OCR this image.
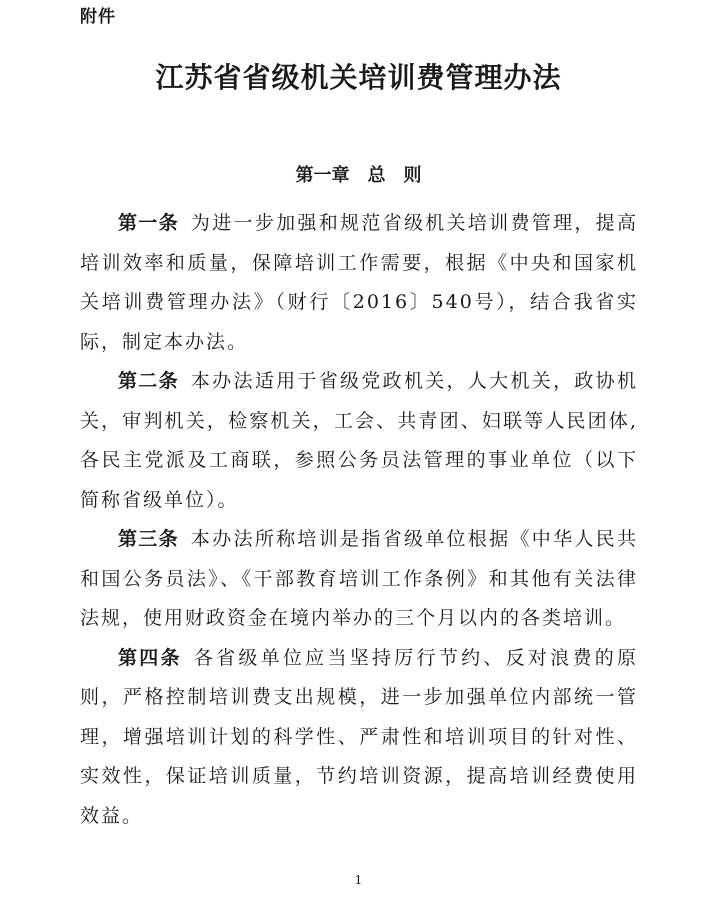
附件
江苏省省级机关培训费管理办法
第一章　总　则

第一条 为进一步加强和规范省级机关培训费管理，提高培训效率和质量，保障培训工作需要，根据《中央和国家机关培训费管理办法》（财行〔2016〕540号），结合我省实际，制定本办法。

第二条 本办法适用于省级党政机关，人大机关，政协机关，审判机关，检察机关，工会、共青团、妇联等人民团体,各民主党派及工商联，参照公务员法管理的事业单位（以下简称省级单位）。

第三条 本办法所称培训是指省级单位根据《中华人民共和国公务员法》、《干部教育培训工作条例》和其他有关法律法规，使用财政资金在境内举办的三个月以内的各类培训。

第四条 各省级单位应当坚持厉行节约、反对浪费的原则，严格控制培训费支出规模，进一步加强单位内部统一管理，增强培训计划的科学性、严肃性和培训项目的针对性、实效性，保证培训质量，节约培训资源，提高培训经费使用效益。

1
